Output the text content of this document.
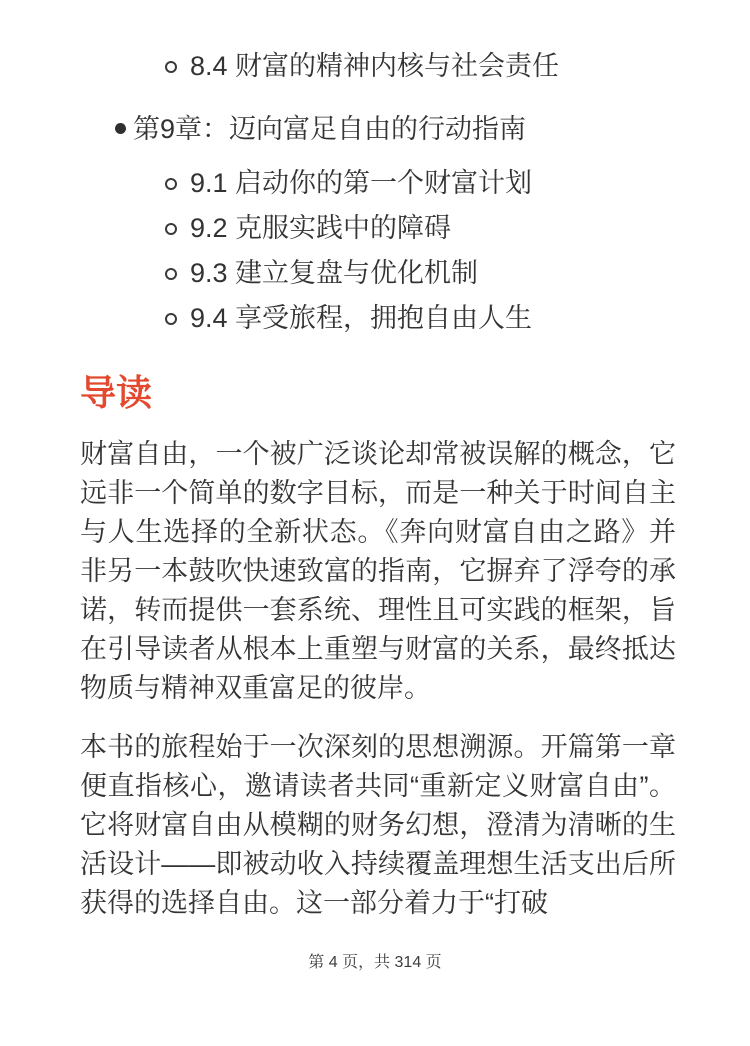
8.4 财富的精神内核与社会责任
第9章：迈向富足自由的行动指南
9.1 启动你的第一个财富计划
9.2 克服实践中的障碍
9.3 建立复盘与优化机制
9.4 享受旅程，拥抱自由人生
导读
财富自由，一个被广泛谈论却常被误解的概念，它远非一个简单的数字目标，而是一种关于时间自主与人生选择的全新状态。《奔向财富自由之路》并非另一本鼓吹快速致富的指南，它摒弃了浮夸的承诺，转而提供一套系统、理性且可实践的框架，旨在引导读者从根本上重塑与财富的关系，最终抵达物质与精神双重富足的彼岸。
本书的旅程始于一次深刻的思想溯源。开篇第一章便直指核心，邀请读者共同“重新定义财富自由”。它将财富自由从模糊的财务幻想，澄清为清晰的生活设计——即被动收入持续覆盖理想生活支出后所获得的选择自由。这一部分着力于“打破
第 4 页，共 314 页
